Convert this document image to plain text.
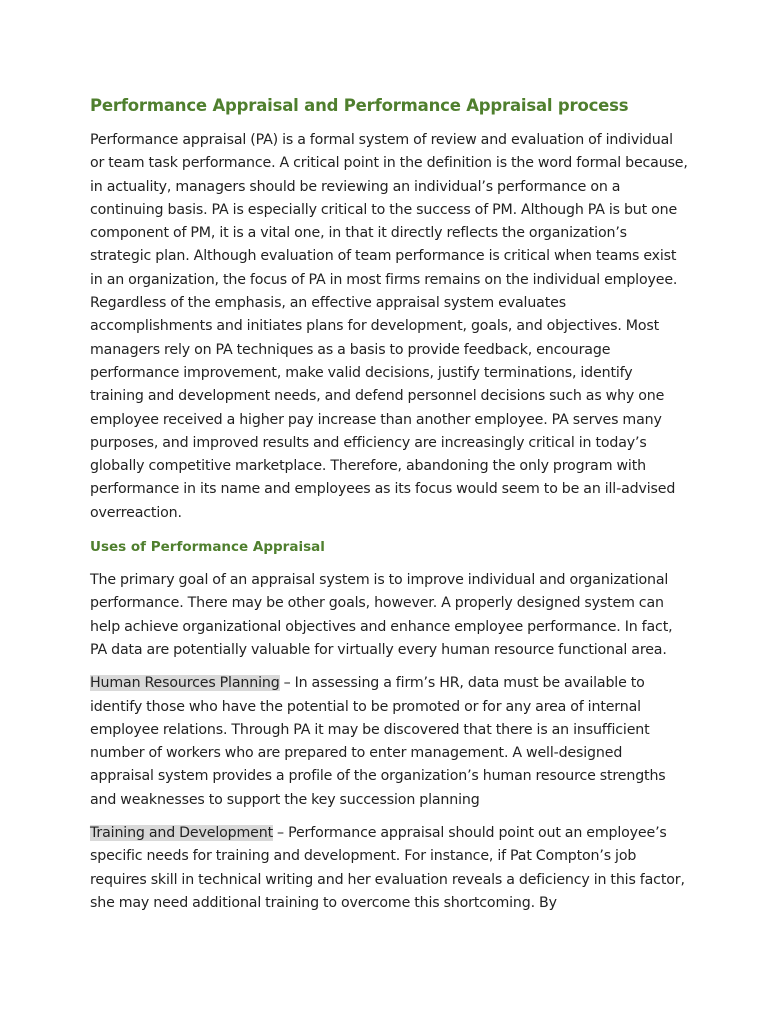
Performance Appraisal and Performance Appraisal process

Performance appraisal (PA) is a formal system of review and evaluation of individual or team task performance. A critical point in the definition is the word formal because, in actuality, managers should be reviewing an individual’s performance on a continuing basis. PA is especially critical to the success of PM. Although PA is but one component of PM, it is a vital one, in that it directly reflects the organization’s strategic plan. Although evaluation of team performance is critical when teams exist in an organization, the focus of PA in most firms remains on the individual employee. Regardless of the emphasis, an effective appraisal system evaluates accomplishments and initiates plans for development, goals, and objectives. Most managers rely on PA techniques as a basis to provide feedback, encourage performance improvement, make valid decisions, justify terminations, identify training and development needs, and defend personnel decisions such as why one employee received a higher pay increase than another employee. PA serves many purposes, and improved results and efficiency are increasingly critical in today’s globally competitive marketplace. Therefore, abandoning the only program with performance in its name and employees as its focus would seem to be an ill-advised overreaction.

Uses of Performance Appraisal

The primary goal of an appraisal system is to improve individual and organizational performance. There may be other goals, however. A properly designed system can help achieve organizational objectives and enhance employee performance. In fact, PA data are potentially valuable for virtually every human resource functional area.

Human Resources Planning – In assessing a firm’s HR, data must be available to identify those who have the potential to be promoted or for any area of internal employee relations. Through PA it may be discovered that there is an insufficient number of workers who are prepared to enter management. A well-designed appraisal system provides a profile of the organization’s human resource strengths and weaknesses to support the key succession planning

Training and Development – Performance appraisal should point out an employee’s specific needs for training and development. For instance, if Pat Compton’s job requires skill in technical writing and her evaluation reveals a deficiency in this factor, she may need additional training to overcome this shortcoming. By
